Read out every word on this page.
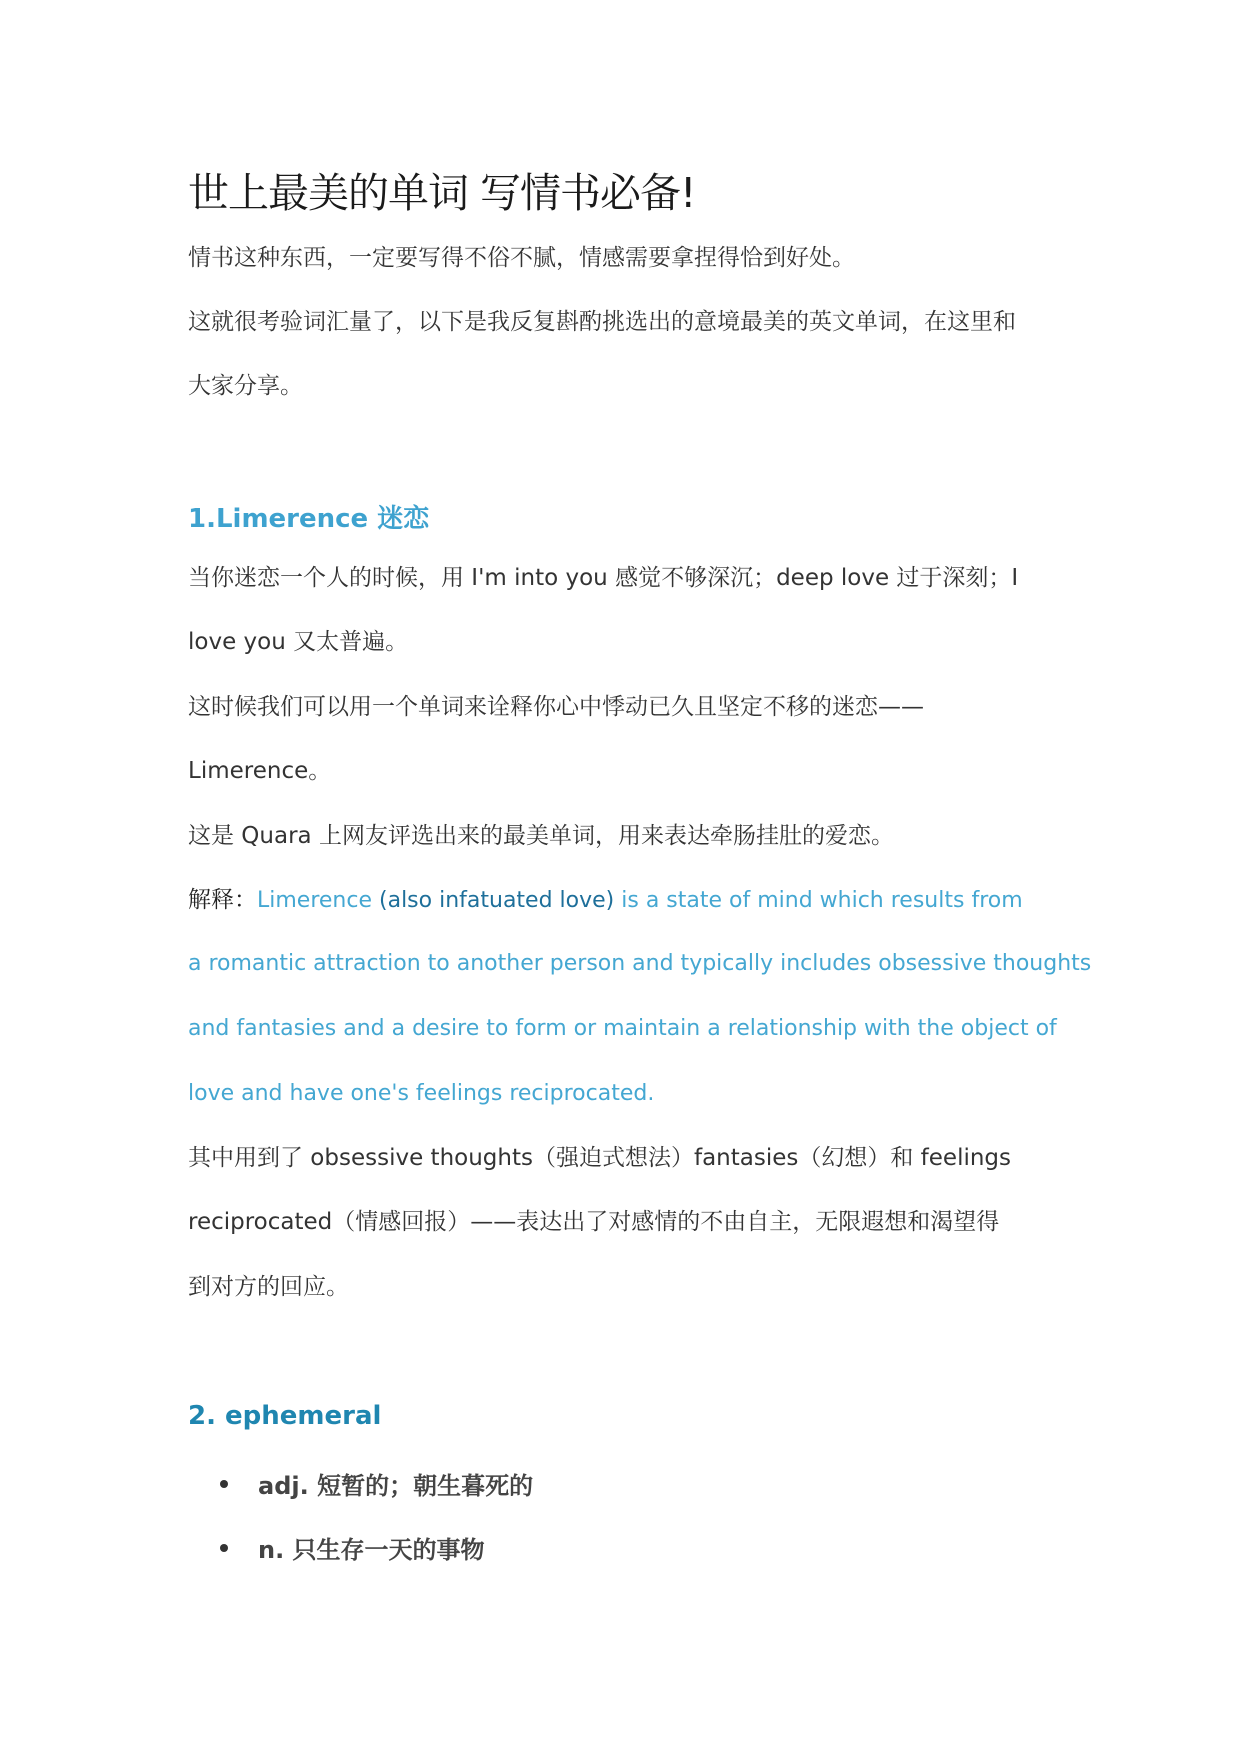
世上最美的单词 写情书必备!

情书这种东西，一定要写得不俗不腻，情感需要拿捏得恰到好处。

这就很考验词汇量了，以下是我反复斟酌挑选出的意境最美的英文单词，在这里和

大家分享。

1.Limerence 迷恋

当你迷恋一个人的时候，用 I'm into you 感觉不够深沉；deep love 过于深刻；I

love you 又太普遍。

这时候我们可以用一个单词来诠释你心中悸动已久且坚定不移的迷恋——

Limerence。

这是 Quara 上网友评选出来的最美单词，用来表达牵肠挂肚的爱恋。

解释：Limerence (also infatuated love) is a state of mind which results from

a romantic attraction to another person and typically includes obsessive thoughts

and fantasies and a desire to form or maintain a relationship with the object of

love and have one's feelings reciprocated.

其中用到了 obsessive thoughts（强迫式想法）fantasies（幻想）和 feelings

reciprocated（情感回报）——表达出了对感情的不由自主，无限遐想和渴望得

到对方的回应。

2. ephemeral
adj. 短暂的；朝生暮死的
n. 只生存一天的事物
